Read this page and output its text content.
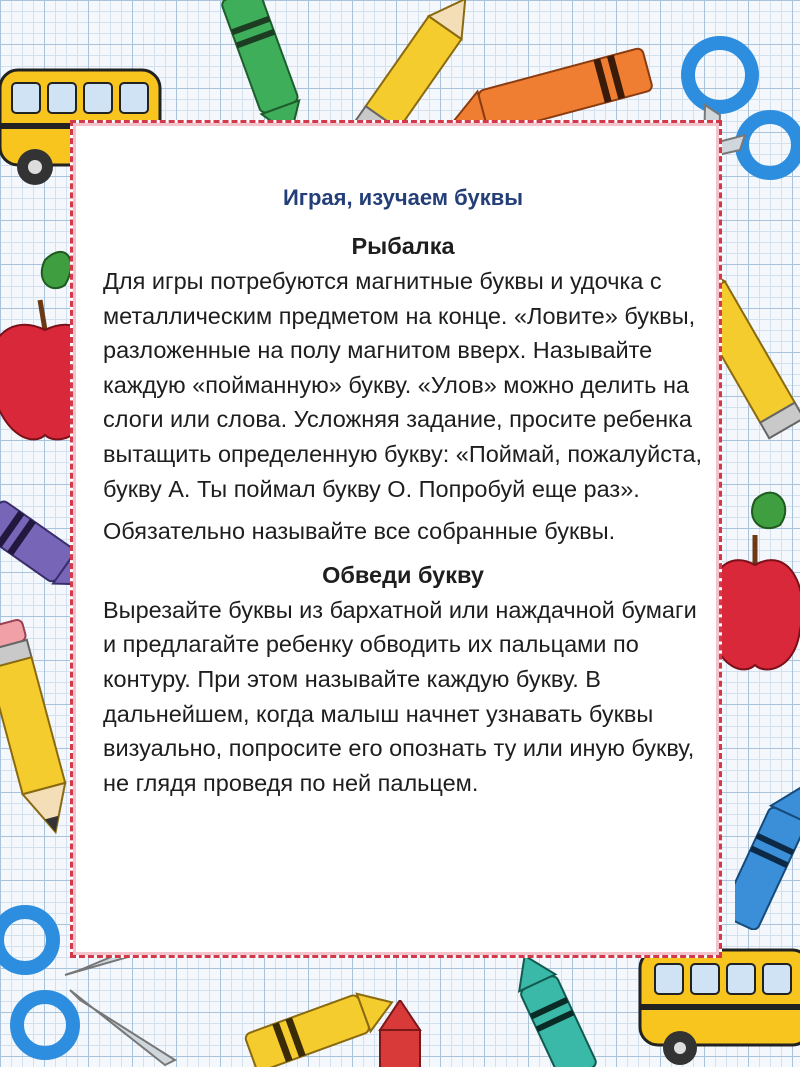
Играя, изучаем буквы
Рыбалка

Для игры потребуются магнитные буквы и удочка с металлическим предметом на конце. «Ловите» буквы, разложенные на полу магнитом вверх. Называйте каждую «пойманную» букву. «Улов» можно делить на слоги или слова. Усложняя задание, просите ребенка вытащить определенную букву: «Поймай, пожалуйста, букву А. Ты поймал букву О. Попробуй еще раз».

Обязательно называйте все собранные буквы.

Обведи букву

Вырезайте буквы из бархатной или наждачной бумаги и предлагайте ребенку обводить их пальцами по контуру. При этом называйте каждую букву. В дальнейшем, когда малыш начнет узнавать буквы визуально, попросите его опознать ту или иную букву, не глядя проведя по ней пальцем.
